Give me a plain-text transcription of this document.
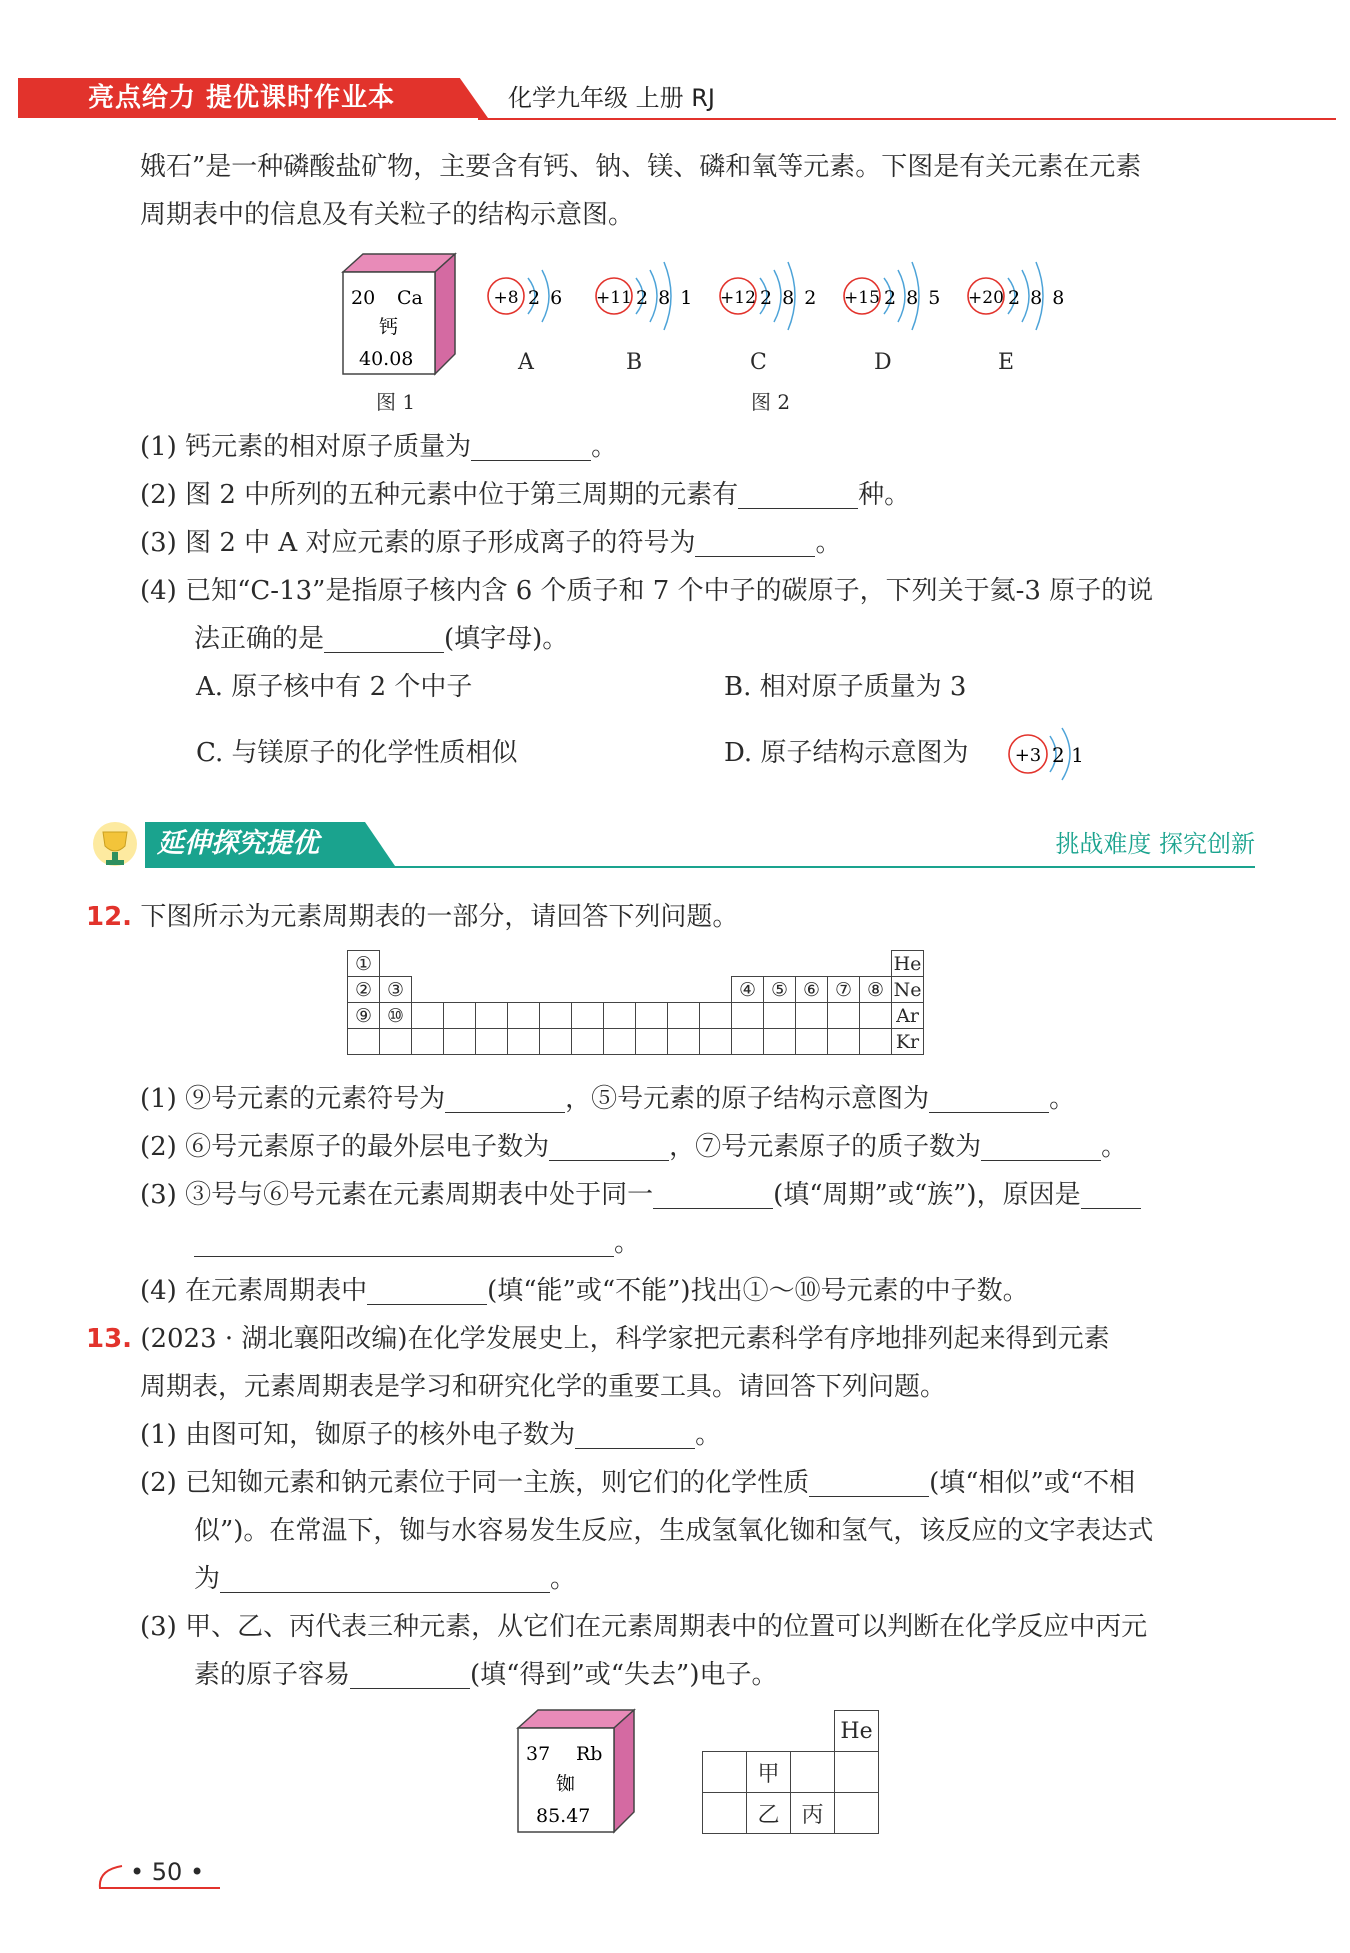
亮点给力 提优课时作业本	化学九年级 上册 RJ
娥石”是一种磷酸盐矿物，主要含有钙、钠、镁、磷和氧等元素。下图是有关元素在元素
周期表中的信息及有关粒子的结构示意图。
20 Ca
钙
40.08
图 1
+8 2 6
A
+11 2 8 1
B
+12 2 8 2
C
+15 2 8 5
D
+20 2 8 8
E
图 2
(1) 钙元素的相对原子质量为	。
(2) 图 2 中所列的五种元素中位于第三周期的元素有	种。
(3) 图 2 中 A 对应元素的原子形成离子的符号为	。
(4) 已知“C-13”是指原子核内含 6 个质子和 7 个中子的碳原子，下列关于氦-3 原子的说
法正确的是	(填字母)。
A. 原子核中有 2 个中子	B. 相对原子质量为 3
C. 与镁原子的化学性质相似	D. 原子结构示意图为	+3 2 1
延伸探究提优	挑战难度 探究创新
12. 下图所示为元素周期表的一部分，请回答下列问题。
①																	He
②	③											④	⑤	⑥	⑦	⑧	Ne
⑨	⑩																Ar
																	Kr
(1) ⑨号元素的元素符号为	，⑤号元素的原子结构示意图为	。
(2) ⑥号元素原子的最外层电子数为	，⑦号元素原子的质子数为	。
(3) ③号与⑥号元素在元素周期表中处于同一	(填“周期”或“族”)，原因是
。
(4) 在元素周期表中	(填“能”或“不能”)找出①～⑩号元素的中子数。
13. (2023 · 湖北襄阳改编)在化学发展史上，科学家把元素科学有序地排列起来得到元素
周期表，元素周期表是学习和研究化学的重要工具。请回答下列问题。
(1) 由图可知，铷原子的核外电子数为	。
(2) 已知铷元素和钠元素位于同一主族，则它们的化学性质	(填“相似”或“不相
似”)。在常温下，铷与水容易发生反应，生成氢氧化铷和氢气，该反应的文字表达式
为	。
(3) 甲、乙、丙代表三种元素，从它们在元素周期表中的位置可以判断在化学反应中丙元
素的原子容易	(填“得到”或“失去”)电子。
37 Rb
铷
85.47
			He
	甲		
	乙	丙	
• 50 •
